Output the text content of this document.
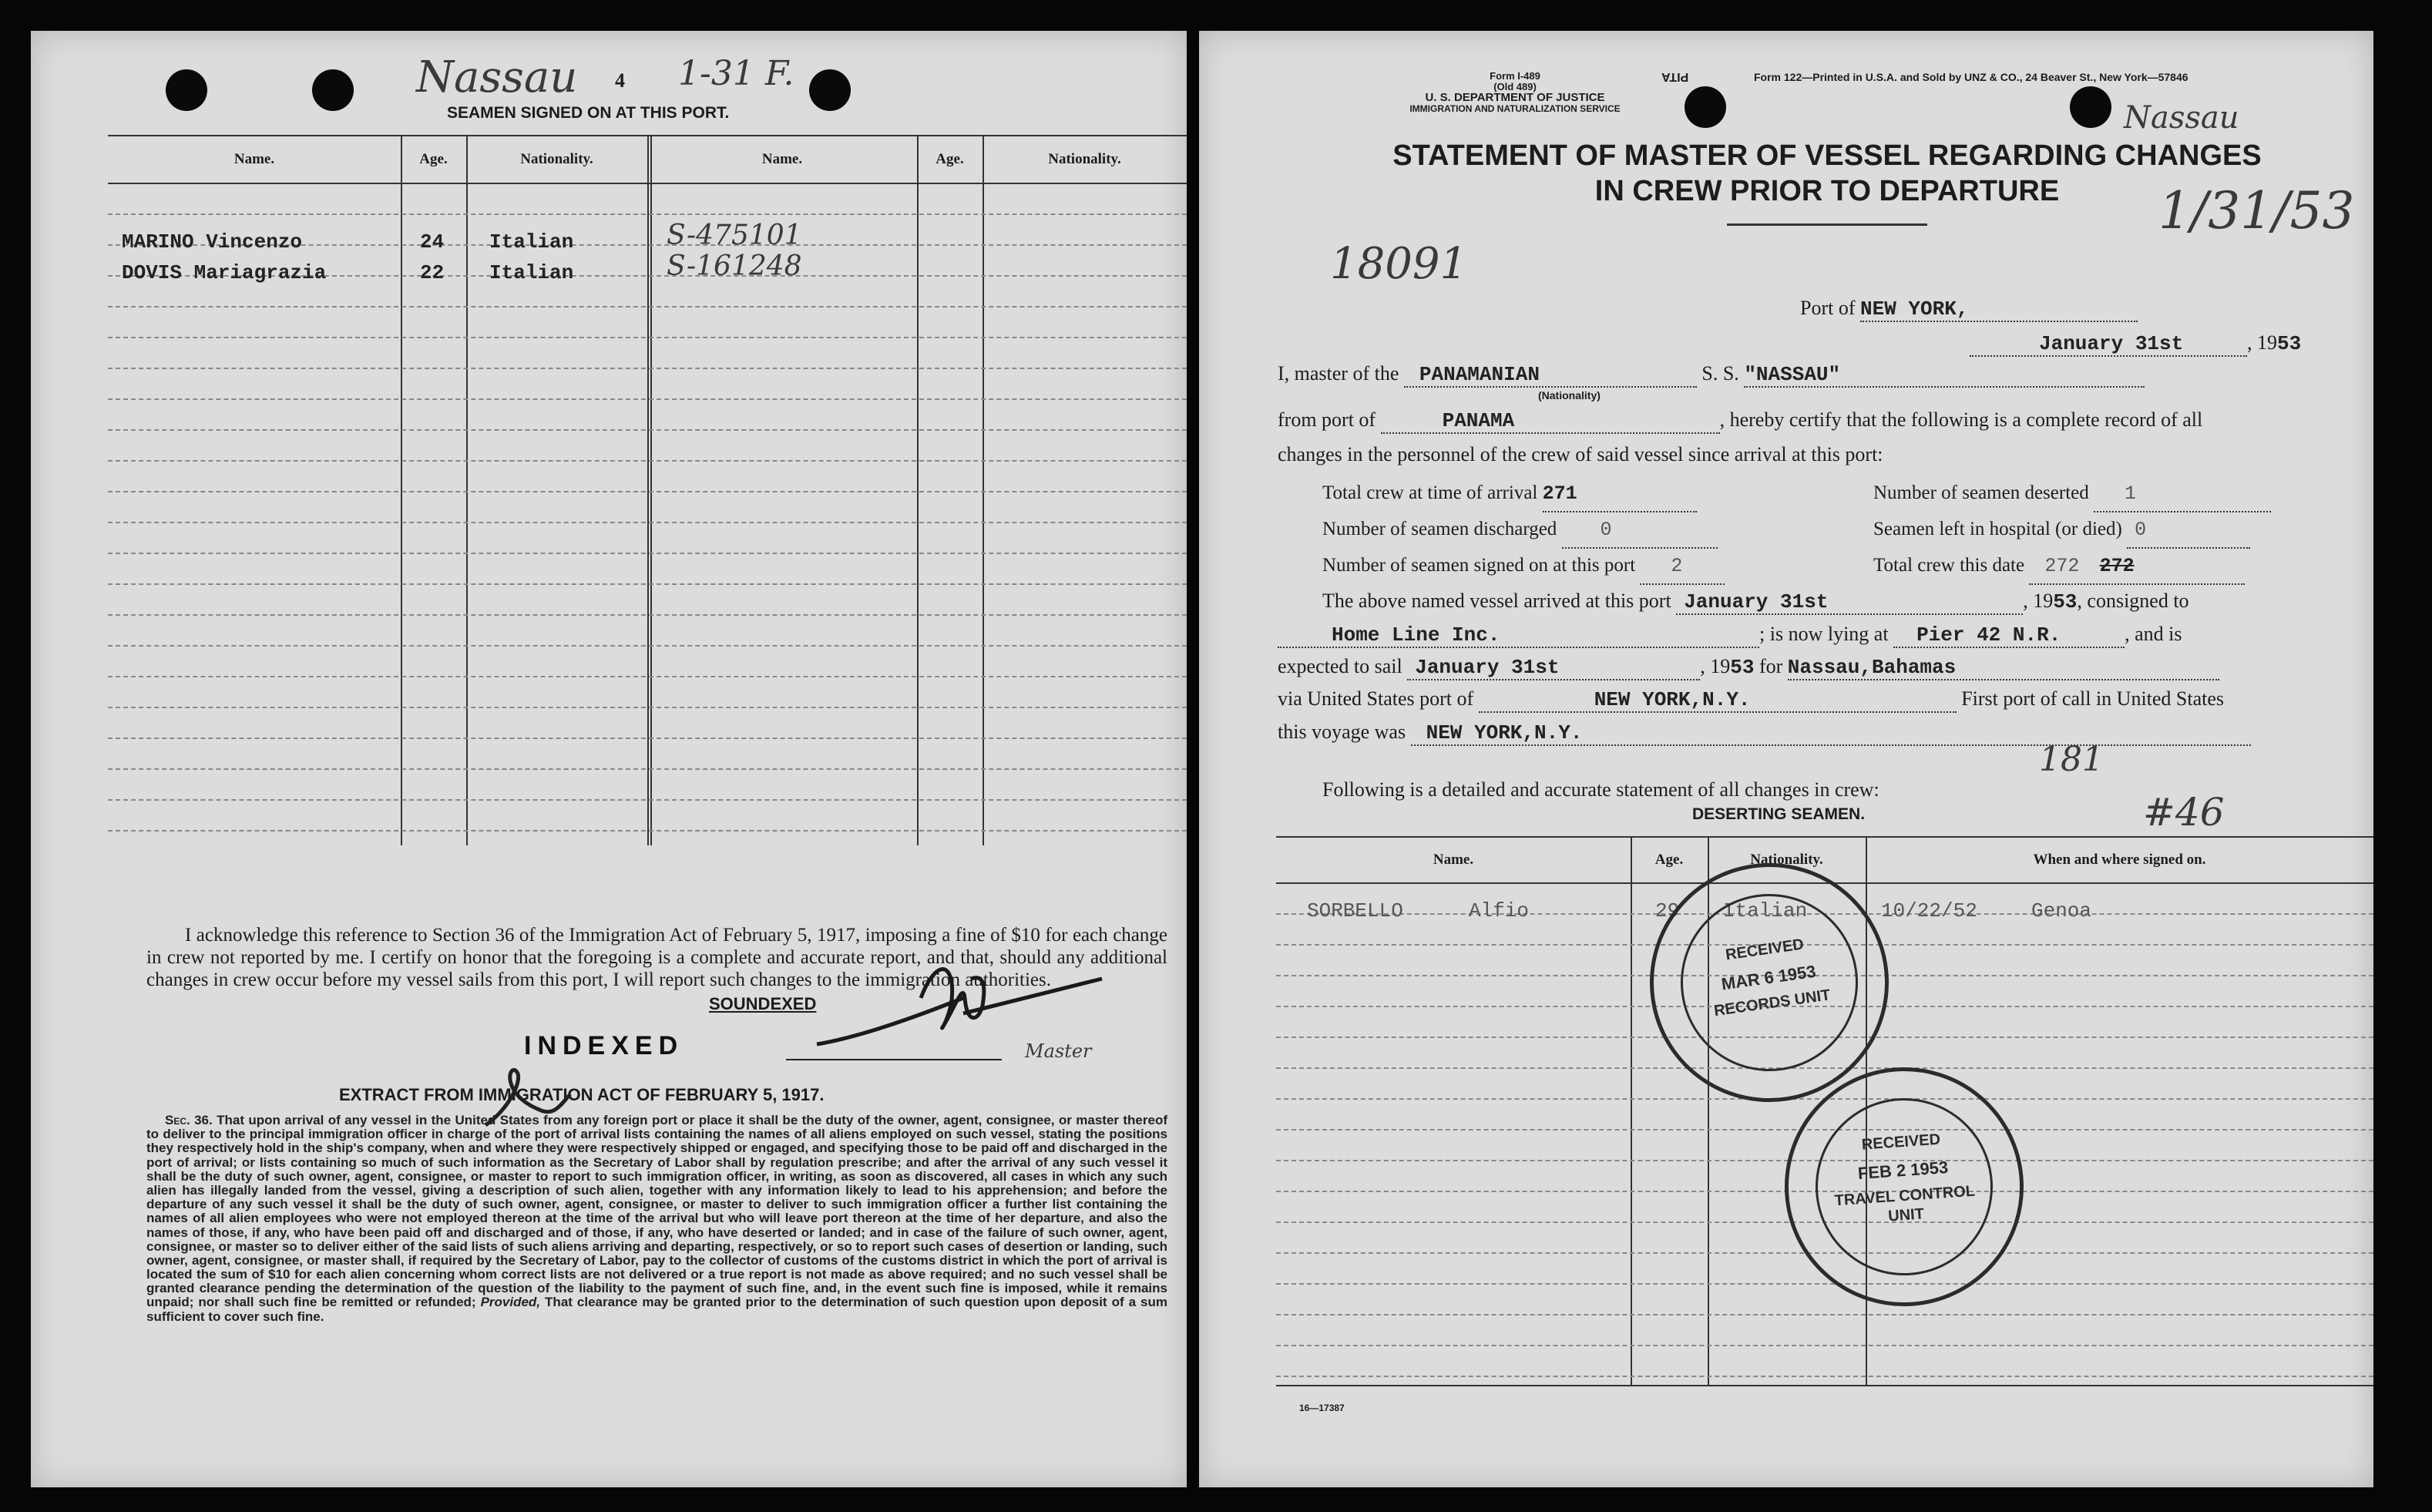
Nassau 4 1-31 F.
SEAMEN SIGNED ON AT THIS PORT.
Name.	Age.	Nationality.	Name.	Age.	Nationality.
MARINO Vincenzo	24 Italian	S-475101
DOVIS Mariagrazia	22 Italian	S-161248
I acknowledge this reference to Section 36 of the Immigration Act of February 5, 1917, imposing a fine of $10 for each change in crew not reported by me. I certify on honor that the foregoing is a complete and accurate report, and that, should any additional changes in crew occur before my vessel sails from this port, I will report such changes to the immigration authorities.
SOUNDEXED
INDEXED	Master
EXTRACT FROM IMMIGRATION ACT OF FEBRUARY 5, 1917.
Sec. 36. That upon arrival of any vessel in the United States from any foreign port or place it shall be the duty of the owner, agent, consignee, or master thereof to deliver to the principal immigration officer in charge of the port of arrival lists containing the names of all aliens employed on such vessel, stating the positions they respectively hold in the ship's company, when and where they were respectively shipped or engaged, and specifying those to be paid off and discharged in the port of arrival; or lists containing so much of such information as the Secretary of Labor shall by regulation prescribe; and after the arrival of any such vessel it shall be the duty of such owner, agent, consignee, or master to report to such immigration officer, in writing, as soon as discovered, all cases in which any such alien has illegally landed from the vessel, giving a description of such alien, together with any information likely to lead to his apprehension; and before the departure of any such vessel it shall be the duty of such owner, agent, consignee, or master to deliver to such immigration officer a further list containing the names of all alien employees who were not employed thereon at the time of the arrival but who will leave port thereon at the time of her departure, and also the names of those, if any, who have been paid off and discharged and of those, if any, who have deserted or landed; and in case of the failure of such owner, agent, consignee, or master so to deliver either of the said lists of such aliens arriving and departing, respectively, or so to report such cases of desertion or landing, such owner, agent, consignee, or master shall, if required by the Secretary of Labor, pay to the collector of customs of the customs district in which the port of arrival is located the sum of $10 for each alien concerning whom correct lists are not delivered or a true report is not made as above required; and no such vessel shall be granted clearance pending the determination of the question of the liability to the payment of such fine, and, in the event such fine is imposed, while it remains unpaid; nor shall such fine be remitted or refunded; Provided, That clearance may be granted prior to the determination of such question upon deposit of a sum sufficient to cover such fine.
Form I-489
(Old 489)
U. S. DEPARTMENT OF JUSTICE
IMMIGRATION AND NATURALIZATION SERVICE
PITA	Form 122—Printed in U.S.A. and Sold by UNZ & CO., 24 Beaver St., New York—57846
Nassau
STATEMENT OF MASTER OF VESSEL REGARDING CHANGES
IN CREW PRIOR TO DEPARTURE	1/31/53
18091
Port of NEW YORK,
January 31st	, 1953
I, master of the PANAMANIAN	S. S. "NASSAU"
(Nationality)
from port of	PANAMA	, hereby certify that the following is a complete record of all
changes in the personnel of the crew of said vessel since arrival at this port:
Total crew at time of arrival 271
Number of seamen discharged 0
Number of seamen signed on at this port 2
Number of seamen deserted 1
Seamen left in hospital (or died) 0
Total crew this date 272 272
The above named vessel arrived at this port January 31st	, 1953, consigned to
Home Line Inc.	; is now lying at Pier 42 N.R.	, and is
expected to sail January 31st	, 1953 for Nassau,Bahamas
via United States port of	NEW YORK,N.Y.	First port of call in United States
this voyage was NEW YORK,N.Y.
181
Following is a detailed and accurate statement of all changes in crew:
DESERTING SEAMEN.	#46
Name.	Age.	Nationality.	When and where signed on.
SORBELLO	Alfio	29 Italian	10/22/52	Genoa
RECEIVED
MAR 6 1953
RECORDS UNIT
RECEIVED
FEB 2 1953
TRAVEL CONTROL
UNIT
16—17387
